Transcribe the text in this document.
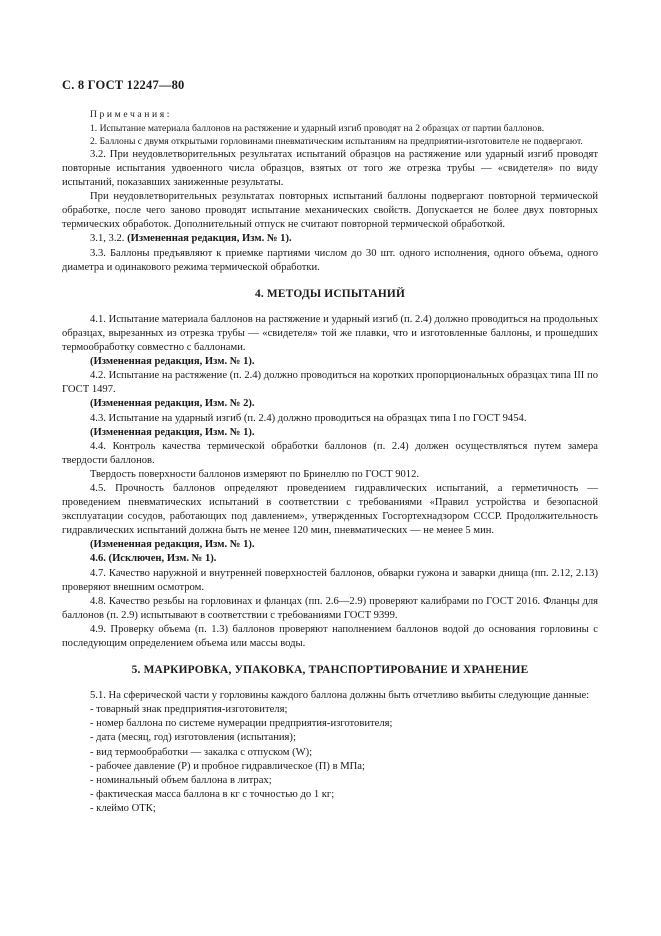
С. 8 ГОСТ 12247—80

Примечания:

1. Испытание материала баллонов на растяжение и ударный изгиб проводят на 2 образцах от партии баллонов.

2. Баллоны с двумя открытыми горловинами пневматическим испытаниям на предприятии-изготовителе не подвергают.

3.2. При неудовлетворительных результатах испытаний образцов на растяжение или ударный изгиб проводят повторные испытания удвоенного числа образцов, взятых от того же отрезка трубы — «свидетеля» по виду испытаний, показавших заниженные результаты.

При неудовлетворительных результатах повторных испытаний баллоны подвергают повторной термической обработке, после чего заново проводят испытание механических свойств. Допускается не более двух повторных термических обработок. Дополнительный отпуск не считают повторной термической обработкой.

3.1, 3.2. (Измененная редакция, Изм. № 1).

3.3. Баллоны предъявляют к приемке партиями числом до 30 шт. одного исполнения, одного объема, одного диаметра и одинакового режима термической обработки.

4. МЕТОДЫ ИСПЫТАНИЙ

4.1. Испытание материала баллонов на растяжение и ударный изгиб (п. 2.4) должно проводиться на продольных образцах, вырезанных из отрезка трубы — «свидетеля» той же плавки, что и изготовленные баллоны, и прошедших термообработку совместно с баллонами.

(Измененная редакция, Изм. № 1).

4.2. Испытание на растяжение (п. 2.4) должно проводиться на коротких пропорциональных образцах типа III по ГОСТ 1497.

(Измененная редакция, Изм. № 2).

4.3. Испытание на ударный изгиб (п. 2.4) должно проводиться на образцах типа I по ГОСТ 9454.

(Измененная редакция, Изм. № 1).

4.4. Контроль качества термической обработки баллонов (п. 2.4) должен осуществляться путем замера твердости баллонов.

Твердость поверхности баллонов измеряют по Бринеллю по ГОСТ 9012.

4.5. Прочность баллонов определяют проведением гидравлических испытаний, а герметичность — проведением пневматических испытаний в соответствии с требованиями «Правил устройства и безопасной эксплуатации сосудов, работающих под давлением», утвержденных Госгортехнадзором СССР. Продолжительность гидравлических испытаний должна быть не менее 120 мин, пневматических — не менее 5 мин.

(Измененная редакция, Изм. № 1).

4.6. (Исключен, Изм. № 1).

4.7. Качество наружной и внутренней поверхностей баллонов, обварки гужона и заварки днища (пп. 2.12, 2.13) проверяют внешним осмотром.

4.8. Качество резьбы на горловинах и фланцах (пп. 2.6—2.9) проверяют калибрами по ГОСТ 2016. Фланцы для баллонов (п. 2.9) испытывают в соответствии с требованиями ГОСТ 9399.

4.9. Проверку объема (п. 1.3) баллонов проверяют наполнением баллонов водой до основания горловины с последующим определением объема или массы воды.

5. МАРКИРОВКА, УПАКОВКА, ТРАНСПОРТИРОВАНИЕ И ХРАНЕНИЕ

5.1. На сферической части у горловины каждого баллона должны быть отчетливо выбиты следующие данные:

- товарный знак предприятия-изготовителя;

- номер баллона по системе нумерации предприятия-изготовителя;

- дата (месяц, год) изготовления (испытания);

- вид термообработки — закалка с отпуском (W);

- рабочее давление (Р) и пробное гидравлическое (П) в МПа;

- номинальный объем баллона в литрах;

- фактическая масса баллона в кг с точностью до 1 кг;

- клеймо ОТК;
